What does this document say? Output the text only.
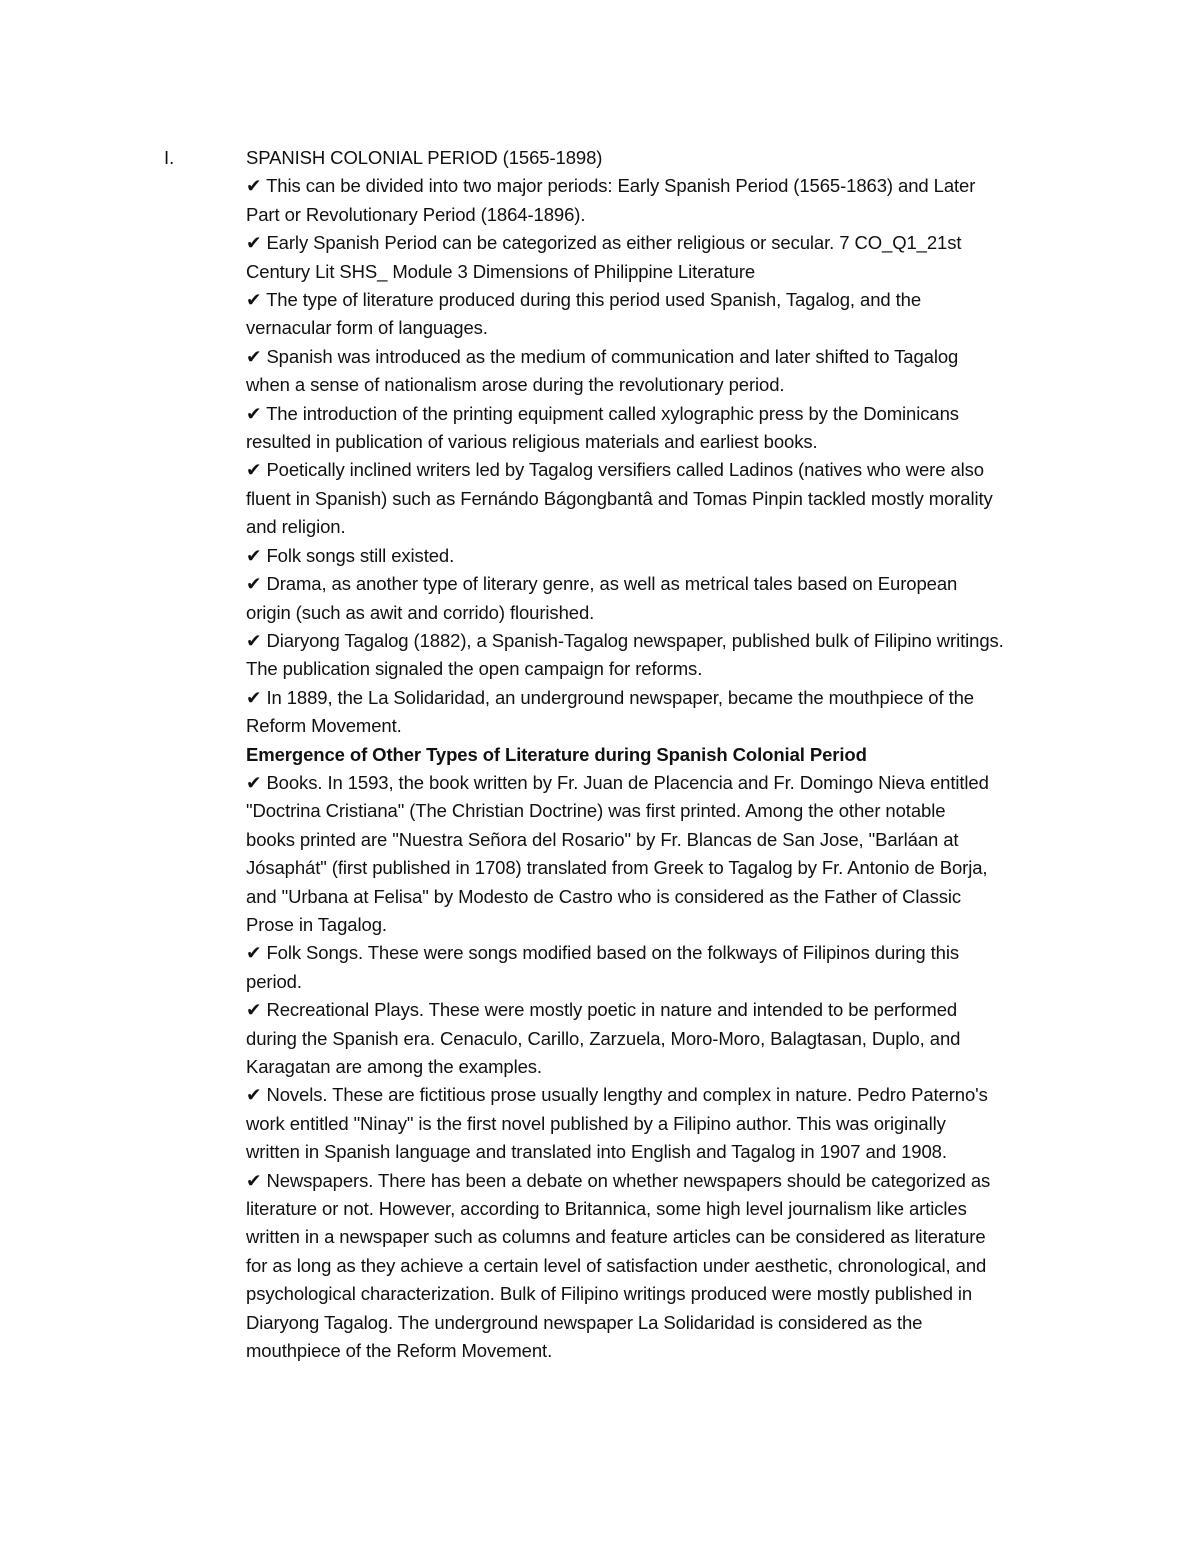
I.	SPANISH COLONIAL PERIOD (1565-1898)
✔ This can be divided into two major periods: Early Spanish Period (1565-1863) and Later
Part or Revolutionary Period (1864-1896).
✔ Early Spanish Period can be categorized as either religious or secular. 7 CO_Q1_21st
Century Lit SHS_ Module 3 Dimensions of Philippine Literature
✔ The type of literature produced during this period used Spanish, Tagalog, and the
vernacular form of languages.
✔ Spanish was introduced as the medium of communication and later shifted to Tagalog
when a sense of nationalism arose during the revolutionary period.
✔ The introduction of the printing equipment called xylographic press by the Dominicans
resulted in publication of various religious materials and earliest books.
✔ Poetically inclined writers led by Tagalog versifiers called Ladinos (natives who were also
fluent in Spanish) such as Fernándo Bágongbantâ and Tomas Pinpin tackled mostly morality
and religion.
✔ Folk songs still existed.
✔ Drama, as another type of literary genre, as well as metrical tales based on European
origin (such as awit and corrido) flourished.
✔ Diaryong Tagalog (1882), a Spanish-Tagalog newspaper, published bulk of Filipino writings.
The publication signaled the open campaign for reforms.
✔ In 1889, the La Solidaridad, an underground newspaper, became the mouthpiece of the
Reform Movement.
Emergence of Other Types of Literature during Spanish Colonial Period
✔ Books. In 1593, the book written by Fr. Juan de Placencia and Fr. Domingo Nieva entitled
"Doctrina Cristiana" (The Christian Doctrine) was first printed. Among the other notable
books printed are "Nuestra Señora del Rosario" by Fr. Blancas de San Jose, "Barláan at
Jósaphát" (first published in 1708) translated from Greek to Tagalog by Fr. Antonio de Borja,
and "Urbana at Felisa" by Modesto de Castro who is considered as the Father of Classic
Prose in Tagalog.
✔ Folk Songs. These were songs modified based on the folkways of Filipinos during this
period.
✔ Recreational Plays. These were mostly poetic in nature and intended to be performed
during the Spanish era. Cenaculo, Carillo, Zarzuela, Moro-Moro, Balagtasan, Duplo, and
Karagatan are among the examples.
✔ Novels. These are fictitious prose usually lengthy and complex in nature. Pedro Paterno's
work entitled "Ninay" is the first novel published by a Filipino author. This was originally
written in Spanish language and translated into English and Tagalog in 1907 and 1908.
✔ Newspapers. There has been a debate on whether newspapers should be categorized as
literature or not. However, according to Britannica, some high level journalism like articles
written in a newspaper such as columns and feature articles can be considered as literature
for as long as they achieve a certain level of satisfaction under aesthetic, chronological, and
psychological characterization. Bulk of Filipino writings produced were mostly published in
Diaryong Tagalog. The underground newspaper La Solidaridad is considered as the
mouthpiece of the Reform Movement.
